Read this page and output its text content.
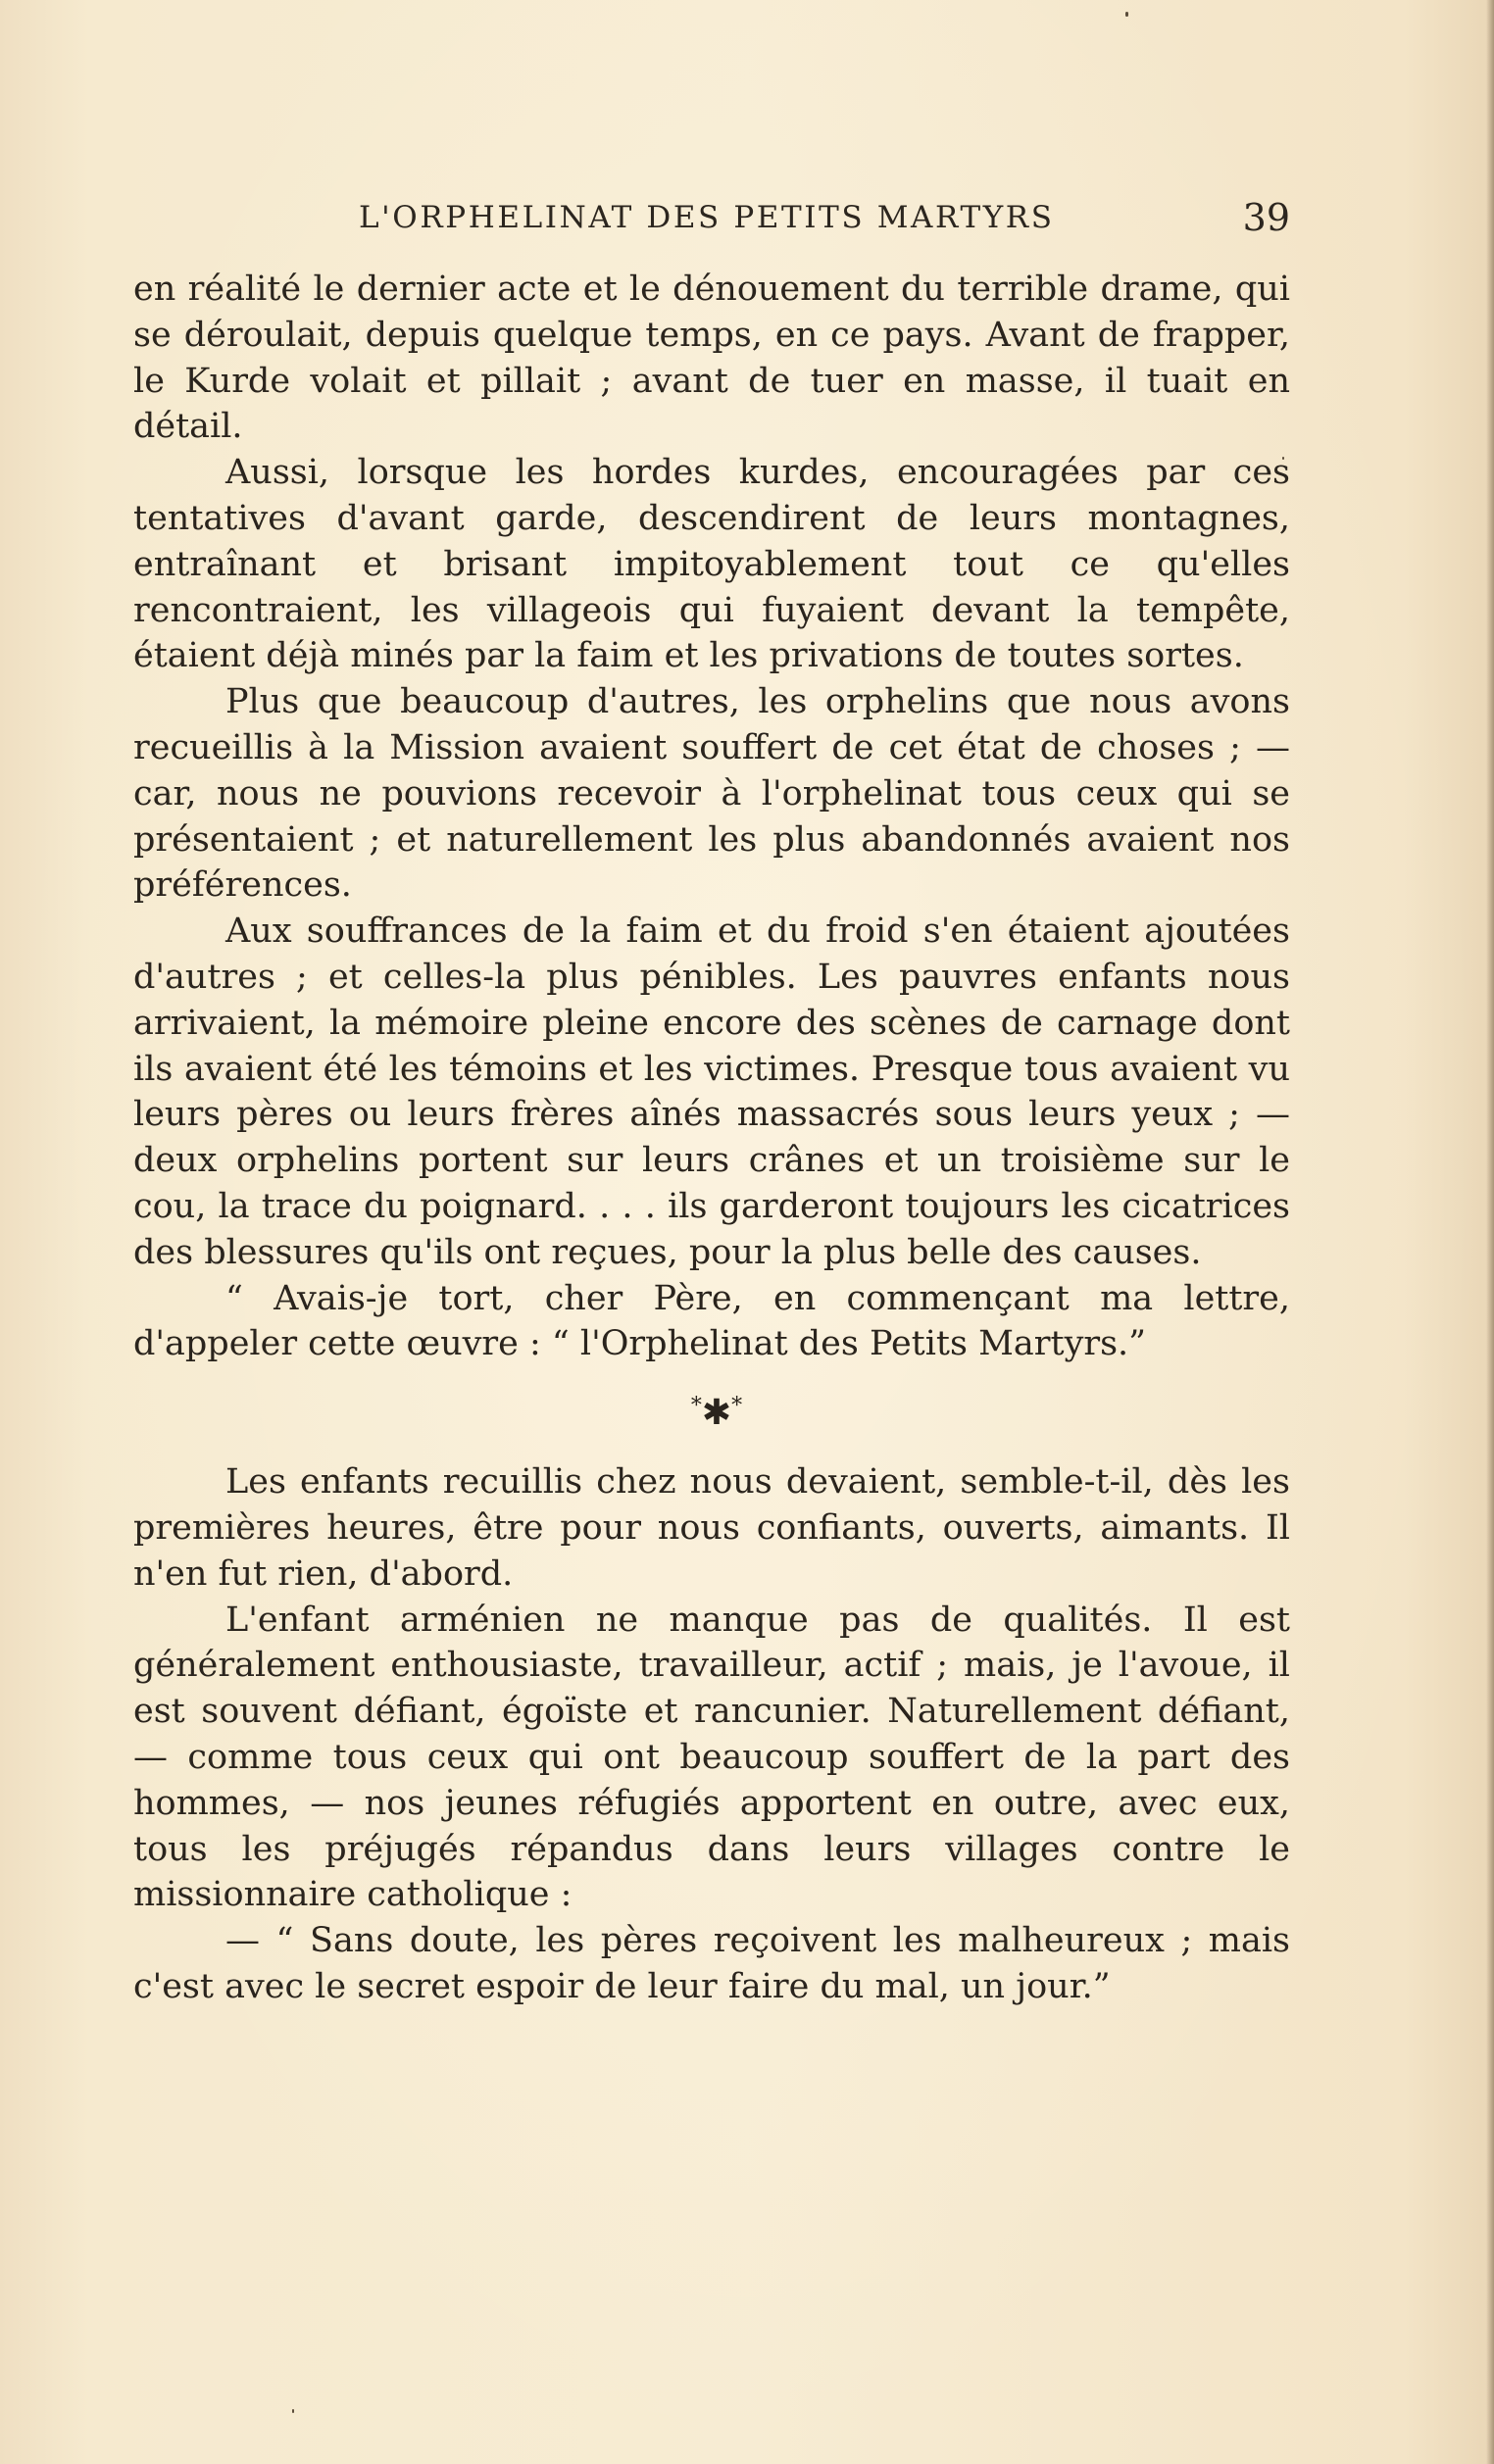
L'ORPHELINAT DES PETITS MARTYRS	39

en réalité le dernier acte et le dénouement du terrible drame, qui se déroulait, depuis quelque temps, en ce pays. Avant de frapper, le Kurde volait et pillait ; avant de tuer en masse, il tuait en détail.

Aussi, lorsque les hordes kurdes, encouragées par ces tentatives d'avant garde, descendirent de leurs montagnes, entraînant et brisant impitoyablement tout ce qu'elles rencontraient, les villageois qui fuyaient devant la tempête, étaient déjà minés par la faim et les privations de toutes sortes.

Plus que beaucoup d'autres, les orphelins que nous avons recueillis à la Mission avaient souffert de cet état de choses ; — car, nous ne pouvions recevoir à l'orphelinat tous ceux qui se présentaient ; et naturellement les plus abandonnés avaient nos préférences.

Aux souffrances de la faim et du froid s'en étaient ajoutées d'autres ; et celles-la plus pénibles. Les pauvres enfants nous arrivaient, la mémoire pleine encore des scènes de carnage dont ils avaient été les témoins et les victimes. Presque tous avaient vu leurs pères ou leurs frères aînés massacrés sous leurs yeux ; — deux orphelins portent sur leurs crânes et un troisième sur le cou, la trace du poignard. . . . ils garderont toujours les cicatrices des blessures qu'ils ont reçues, pour la plus belle des causes.

“ Avais-je tort, cher Père, en commençant ma lettre, d'appeler cette œuvre : “ l'Orphelinat des Petits Martyrs.”

*✱*

Les enfants recuillis chez nous devaient, semble-t-il, dès les premières heures, être pour nous confiants, ouverts, aimants. Il n'en fut rien, d'abord.

L'enfant arménien ne manque pas de qualités. Il est généralement enthousiaste, travailleur, actif ; mais, je l'avoue, il est souvent défiant, égoïste et rancunier. Naturellement défiant, — comme tous ceux qui ont beaucoup souffert de la part des hommes, — nos jeunes réfugiés apportent en outre, avec eux, tous les préjugés répandus dans leurs villages contre le missionnaire catholique :

— “ Sans doute, les pères reçoivent les malheureux ; mais c'est avec le secret espoir de leur faire du mal, un jour.”
